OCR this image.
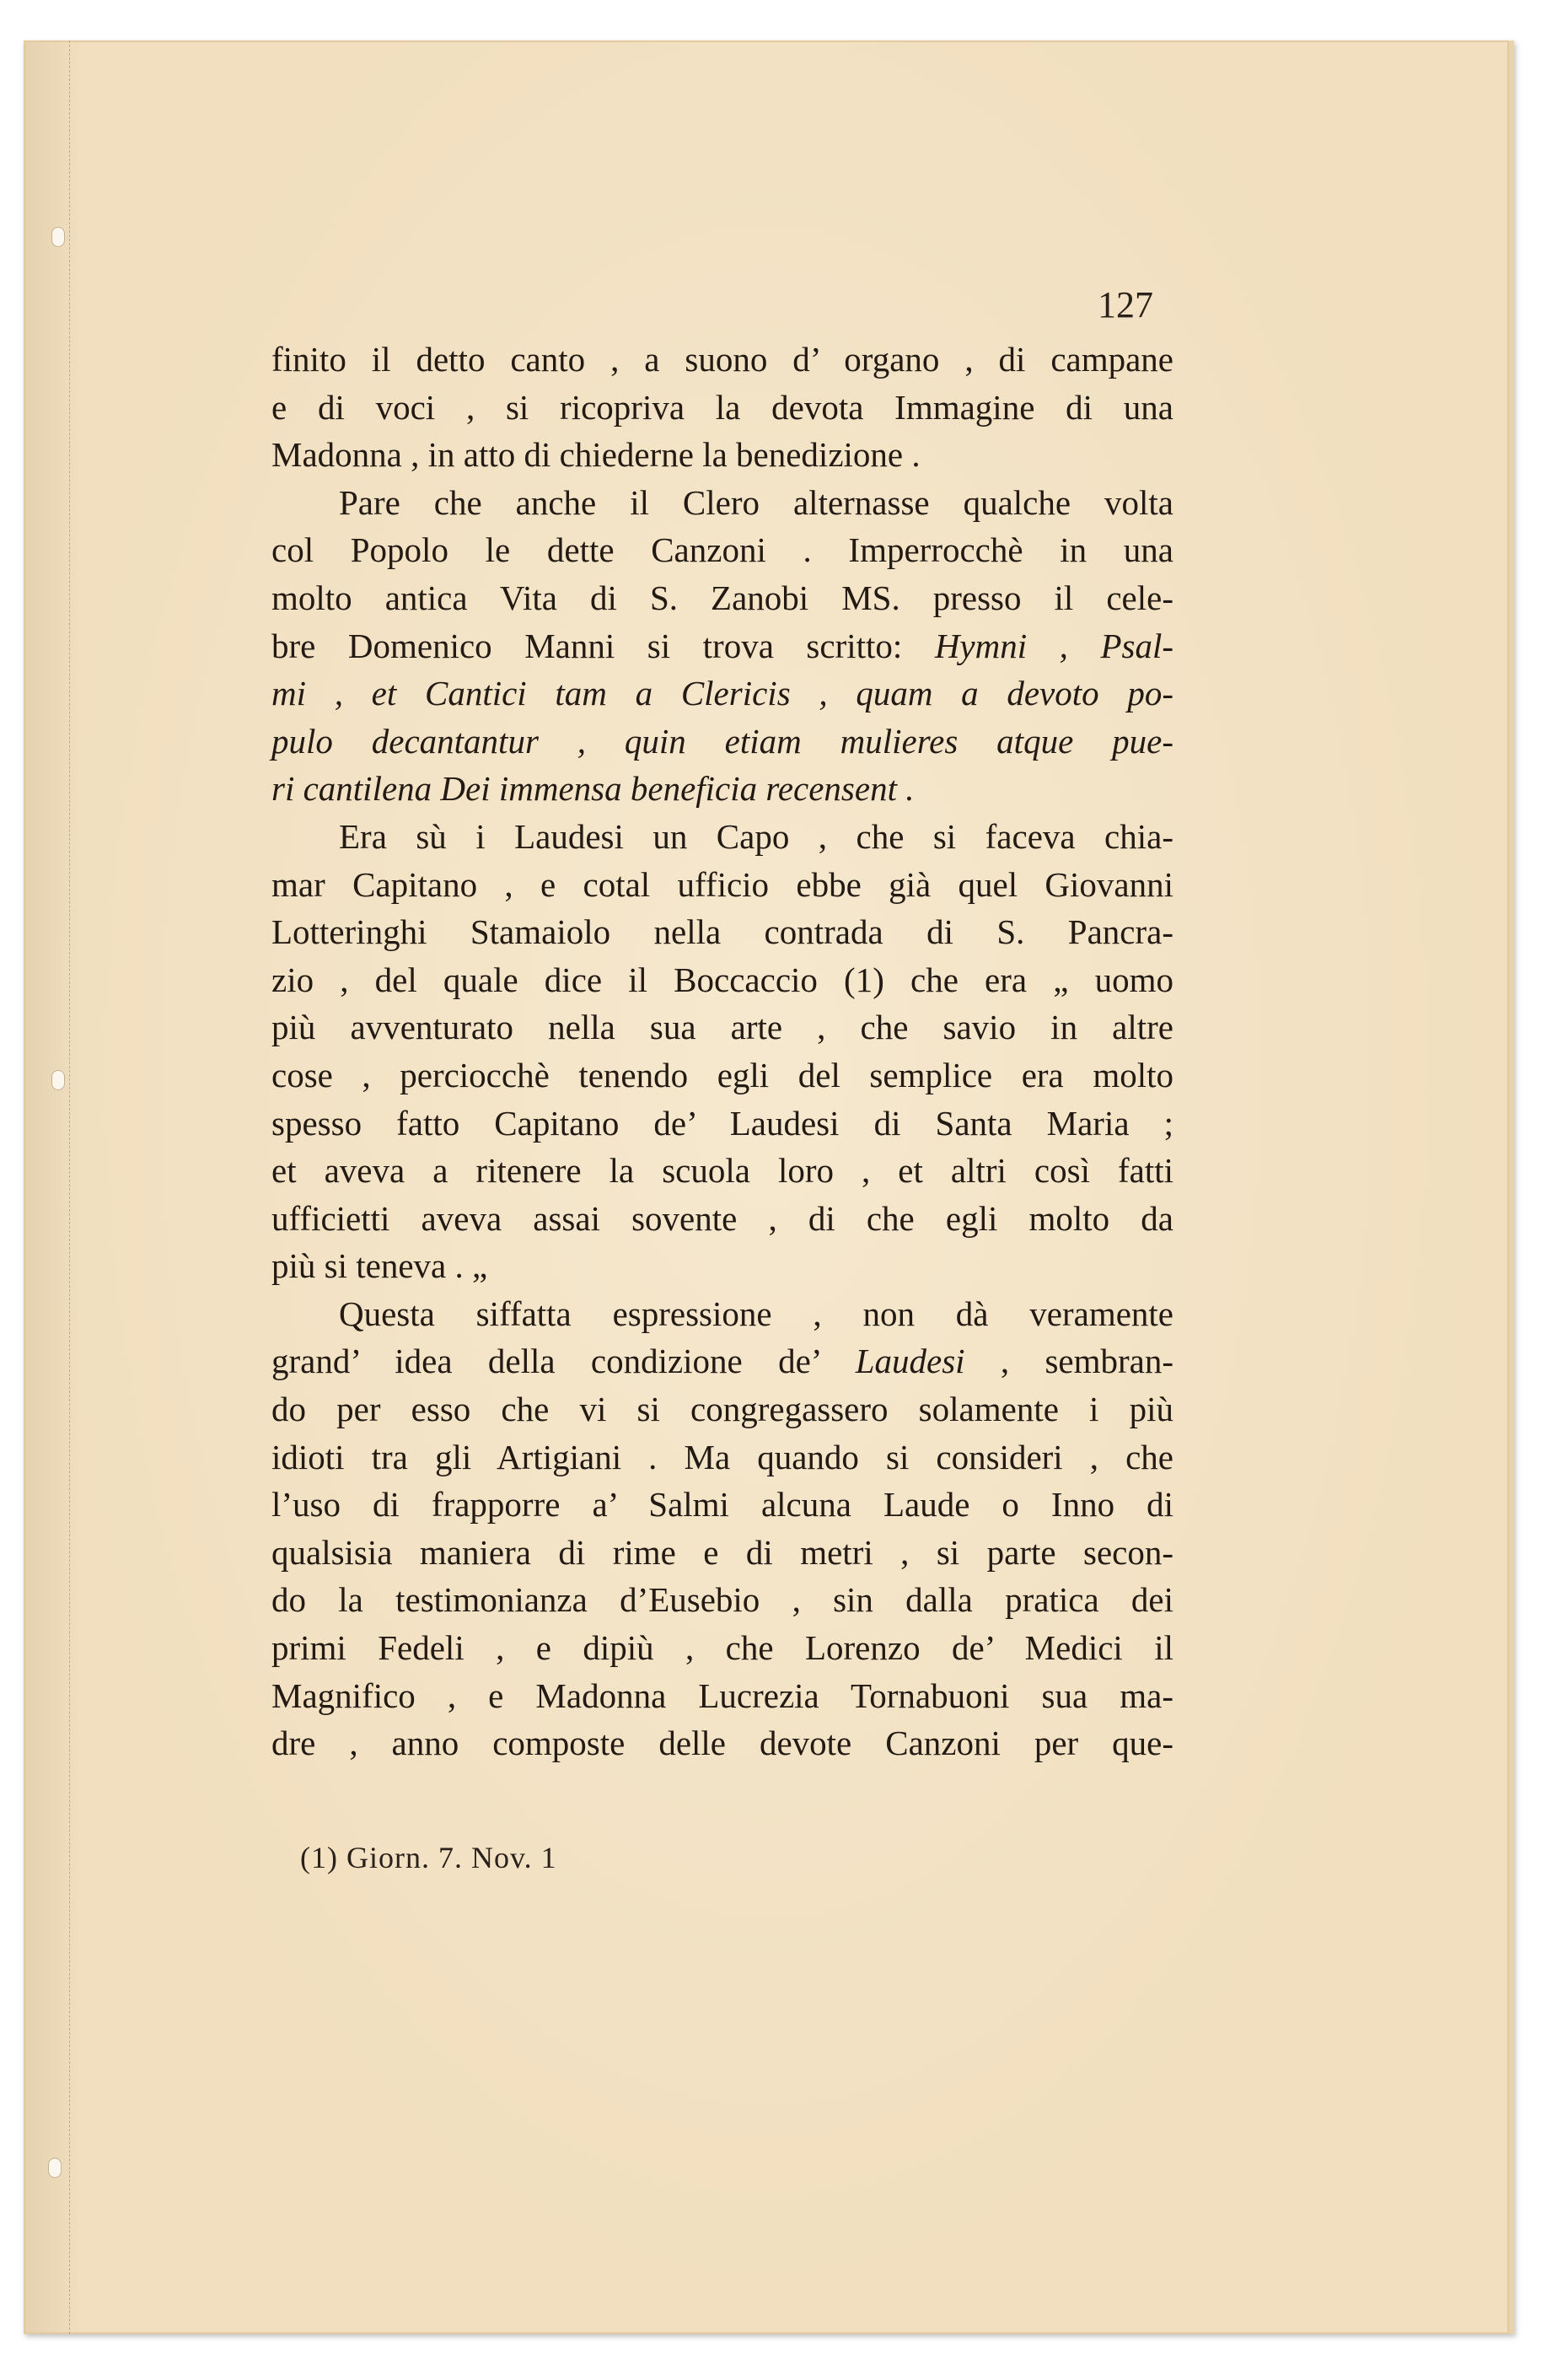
127
finito il detto canto , a suono d’ organo , di campane
e di voci , si ricopriva la devota Immagine di una
Madonna , in atto di chiederne la benedizione .
Pare che anche il Clero alternasse qualche volta
col Popolo le dette Canzoni . Imperrocchè in una
molto antica Vita di S. Zanobi MS. presso il cele-
bre Domenico Manni si trova scritto: Hymni , Psal-
mi , et Cantici tam a Clericis , quam a devoto po-
pulo decantantur , quin etiam mulieres atque pue-
ri cantilena Dei immensa beneficia recensent .
Era sù i Laudesi un Capo , che si faceva chia-
mar Capitano , e cotal ufficio ebbe già quel Giovanni
Lotteringhi Stamaiolo nella contrada di S. Pancra-
zio , del quale dice il Boccaccio (1) che era „ uomo
più avventurato nella sua arte , che savio in altre
cose , perciocchè tenendo egli del semplice era molto
spesso fatto Capitano de’ Laudesi di Santa Maria ;
et aveva a ritenere la scuola loro , et altri così fatti
ufficietti aveva assai sovente , di che egli molto da
più si teneva . „
Questa siffatta espressione , non dà veramente
grand’ idea della condizione de’ Laudesi , sembran-
do per esso che vi si congregassero solamente i più
idioti tra gli Artigiani . Ma quando si consideri , che
l’uso di frapporre a’ Salmi alcuna Laude o Inno di
qualsisia maniera di rime e di metri , si parte secon-
do la testimonianza d’Eusebio , sin dalla pratica dei
primi Fedeli , e dipiù , che Lorenzo de’ Medici il
Magnifico , e Madonna Lucrezia Tornabuoni sua ma-
dre , anno composte delle devote Canzoni per que-
(1) Giorn. 7. Nov. 1
